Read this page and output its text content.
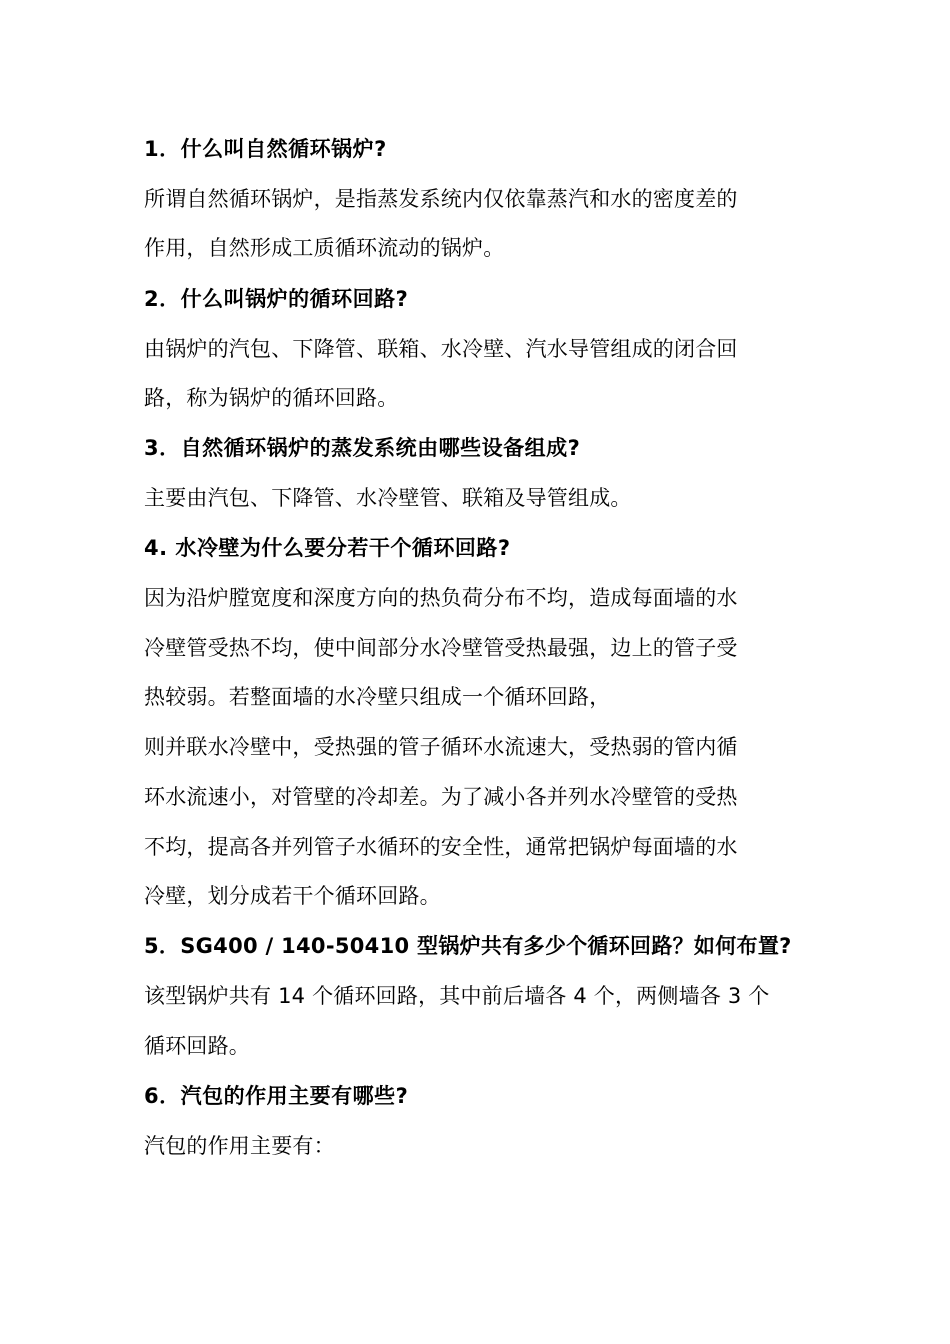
1．什么叫自然循环锅炉?
所谓自然循环锅炉，是指蒸发系统内仅依靠蒸汽和水的密度差的
作用，自然形成工质循环流动的锅炉。
2．什么叫锅炉的循环回路?
由锅炉的汽包、下降管、联箱、水冷壁、汽水导管组成的闭合回
路，称为锅炉的循环回路。
3．自然循环锅炉的蒸发系统由哪些设备组成?
主要由汽包、下降管、水冷壁管、联箱及导管组成。
4. 水冷壁为什么要分若干个循环回路?
因为沿炉膛宽度和深度方向的热负荷分布不均，造成每面墙的水
冷壁管受热不均，使中间部分水冷壁管受热最强，边上的管子受
热较弱。若整面墙的水冷壁只组成一个循环回路，
则并联水冷壁中，受热强的管子循环水流速大，受热弱的管内循
环水流速小，对管壁的冷却差。为了减小各并列水冷壁管的受热
不均，提高各并列管子水循环的安全性，通常把锅炉每面墙的水
冷壁，划分成若干个循环回路。
5．SG400 / 140-50410 型锅炉共有多少个循环回路？如何布置?
该型锅炉共有 14 个循环回路，其中前后墙各 4 个，两侧墙各 3 个
循环回路。
6．汽包的作用主要有哪些?
汽包的作用主要有：
